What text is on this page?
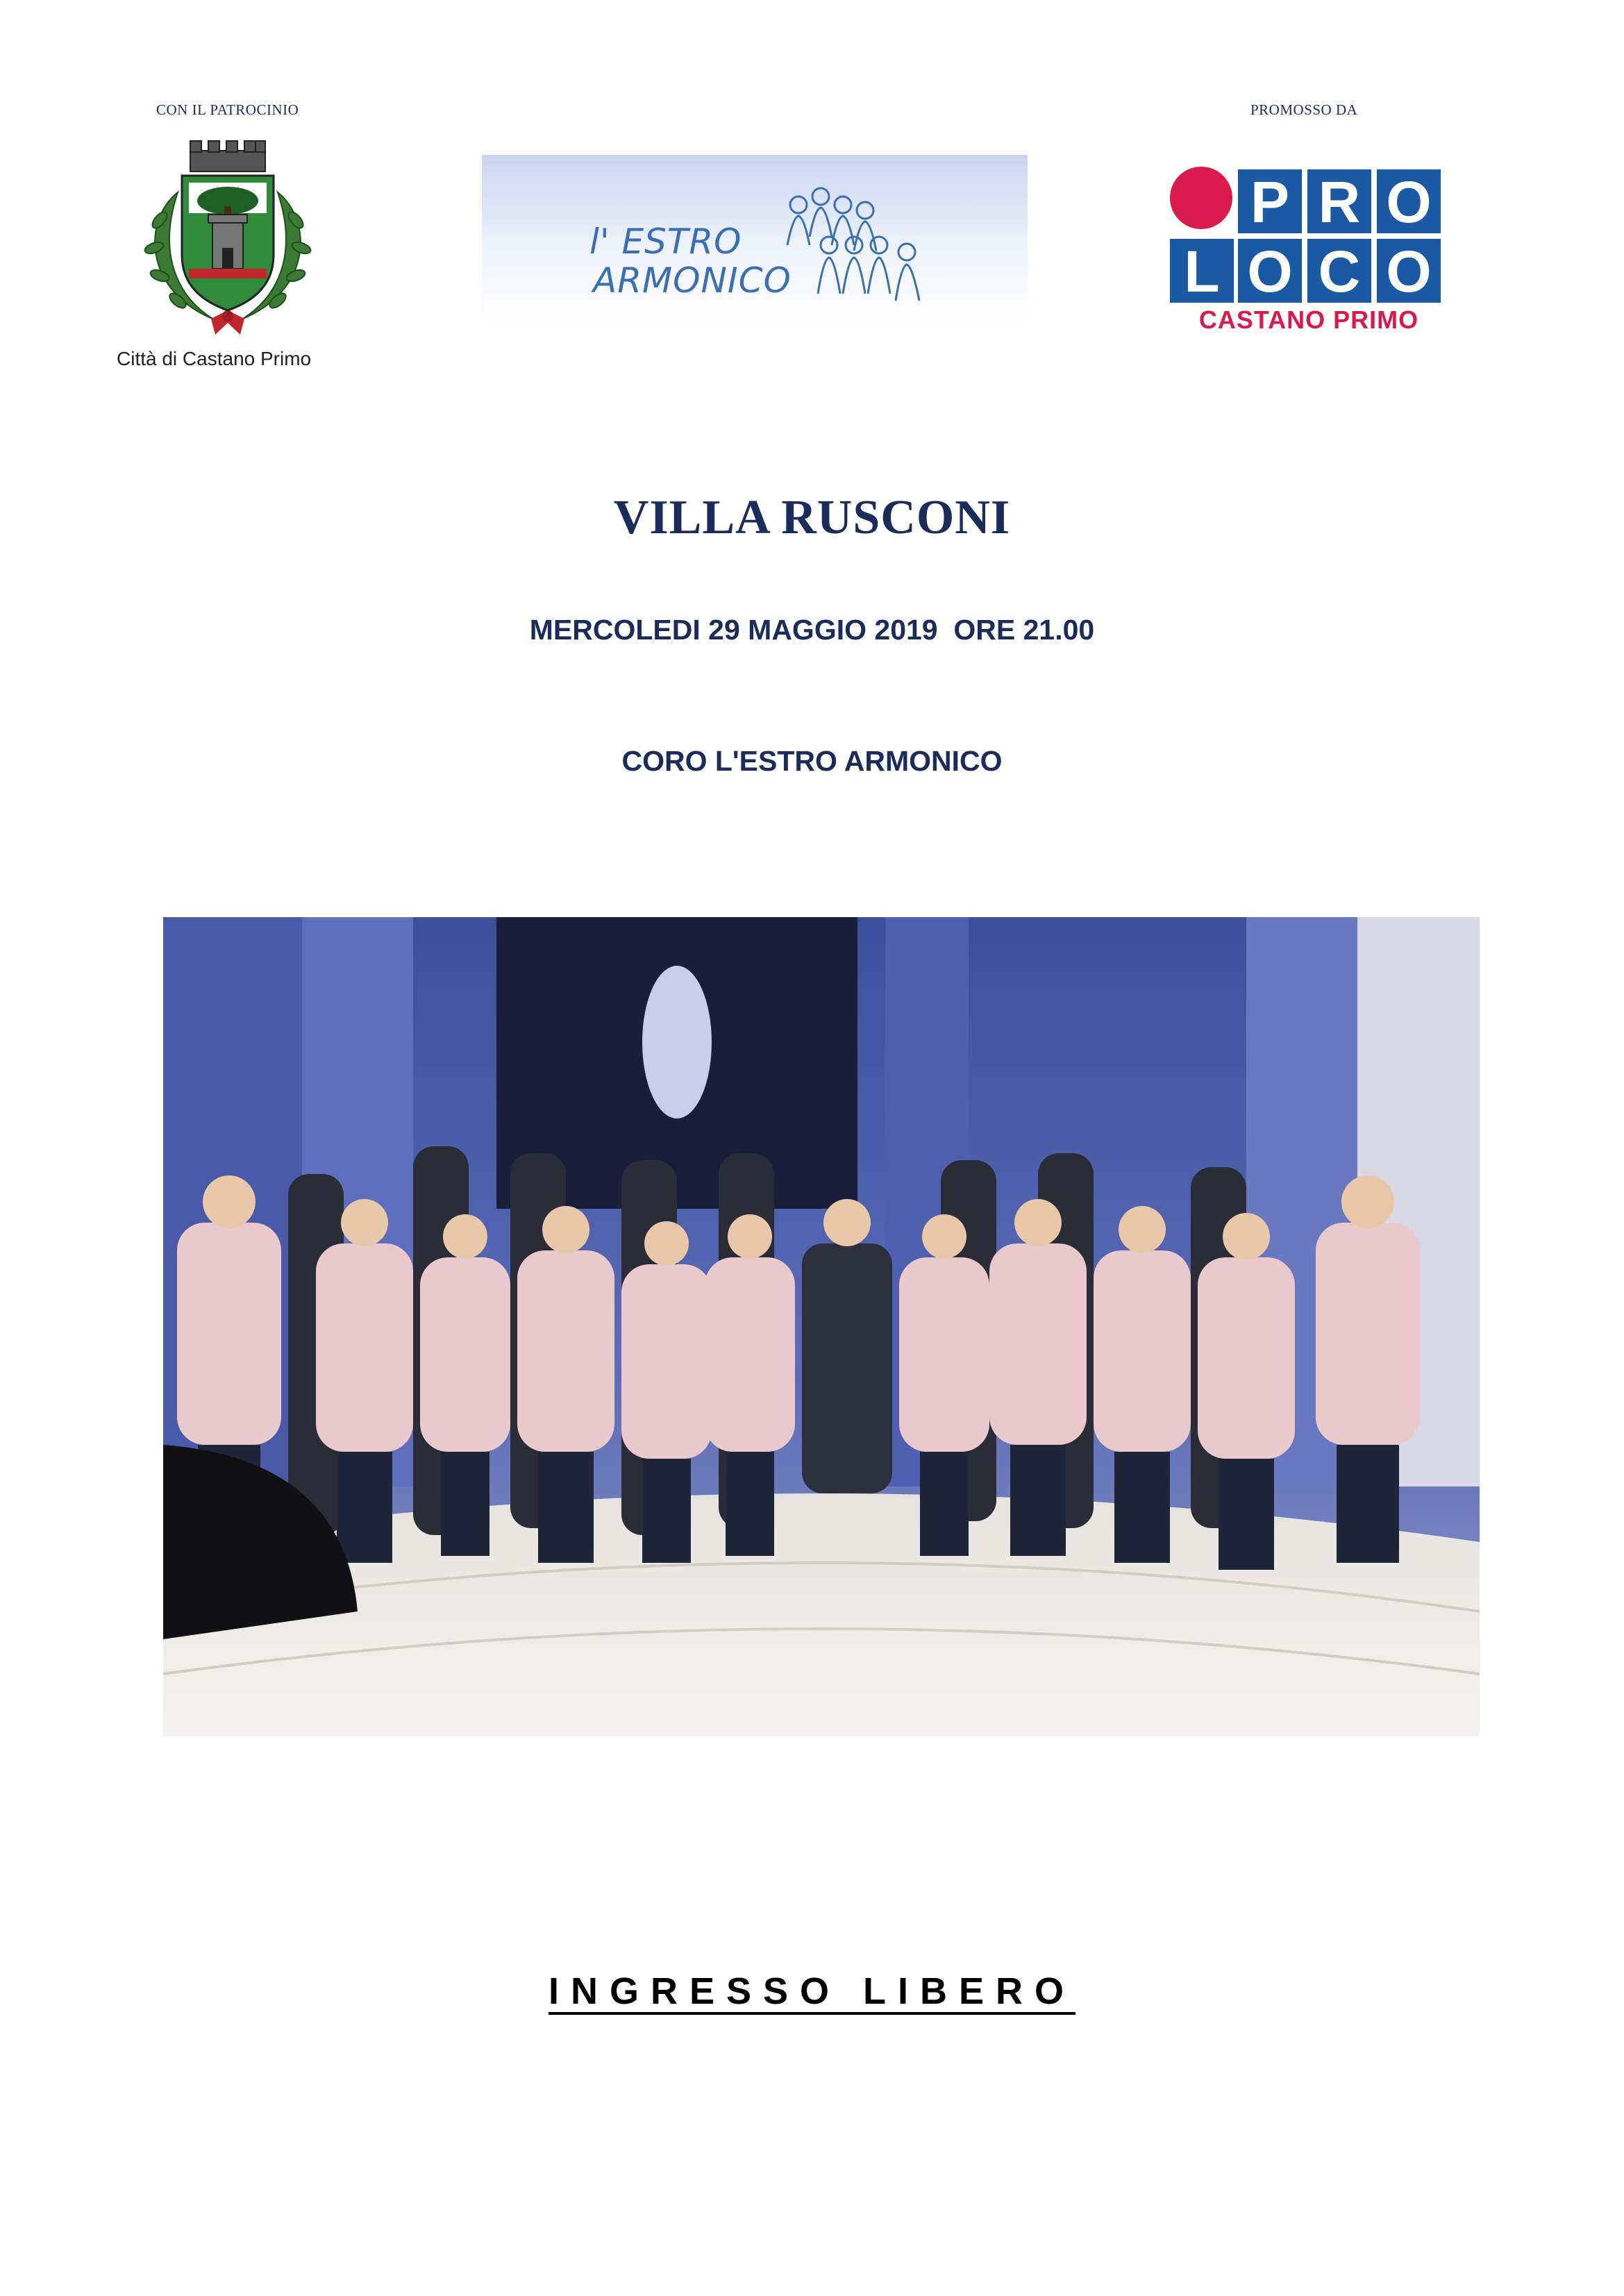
CON IL PATROCINIO	PROMOSSO DA
Città di Castano Primo
l' ESTRO
ARMONICO
P R O
L O C O
CASTANO PRIMO
VILLA RUSCONI
MERCOLEDI 29 MAGGIO 2019  ORE 21.00
CORO L'ESTRO ARMONICO
INGRESSO LIBERO
